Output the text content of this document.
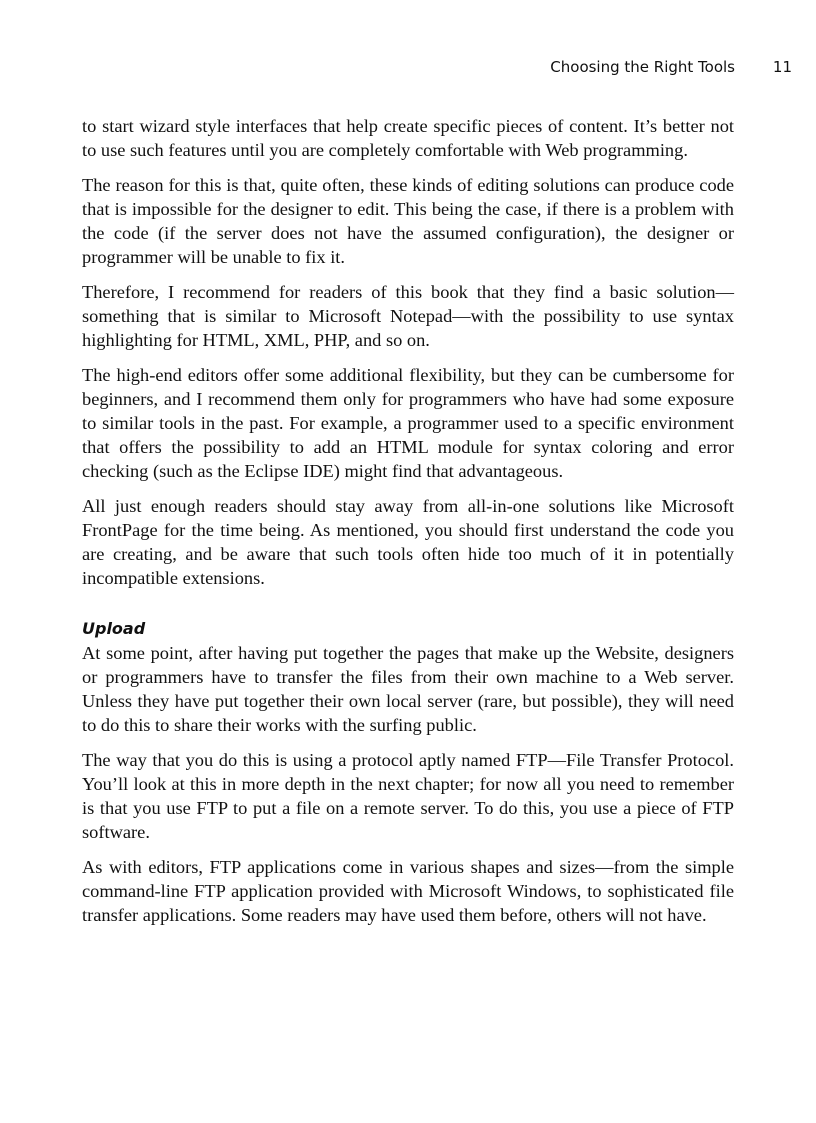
Choosing the Right Tools	11

to start wizard style interfaces that help create specific pieces of content. It’s better not to use such features until you are completely comfortable with Web programming.

The reason for this is that, quite often, these kinds of editing solutions can produce code that is impossible for the designer to edit. This being the case, if there is a problem with the code (if the server does not have the assumed configuration), the designer or programmer will be unable to fix it.

Therefore, I recommend for readers of this book that they find a basic solution—something that is similar to Microsoft Notepad—with the possibility to use syntax highlighting for HTML, XML, PHP, and so on.

The high-end editors offer some additional flexibility, but they can be cumbersome for beginners, and I recommend them only for programmers who have had some exposure to similar tools in the past. For example, a programmer used to a specific environment that offers the possibility to add an HTML module for syntax coloring and error checking (such as the Eclipse IDE) might find that advantageous.

All just enough readers should stay away from all-in-one solutions like Microsoft FrontPage for the time being. As mentioned, you should first understand the code you are creating, and be aware that such tools often hide too much of it in potentially incompatible extensions.

Upload

At some point, after having put together the pages that make up the Website, designers or programmers have to transfer the files from their own machine to a Web server. Unless they have put together their own local server (rare, but possible), they will need to do this to share their works with the surfing public.

The way that you do this is using a protocol aptly named FTP—File Transfer Protocol. You’ll look at this in more depth in the next chapter; for now all you need to remember is that you use FTP to put a file on a remote server. To do this, you use a piece of FTP software.

As with editors, FTP applications come in various shapes and sizes—from the simple command-line FTP application provided with Microsoft Windows, to sophisticated file transfer applications. Some readers may have used them before, others will not have.
